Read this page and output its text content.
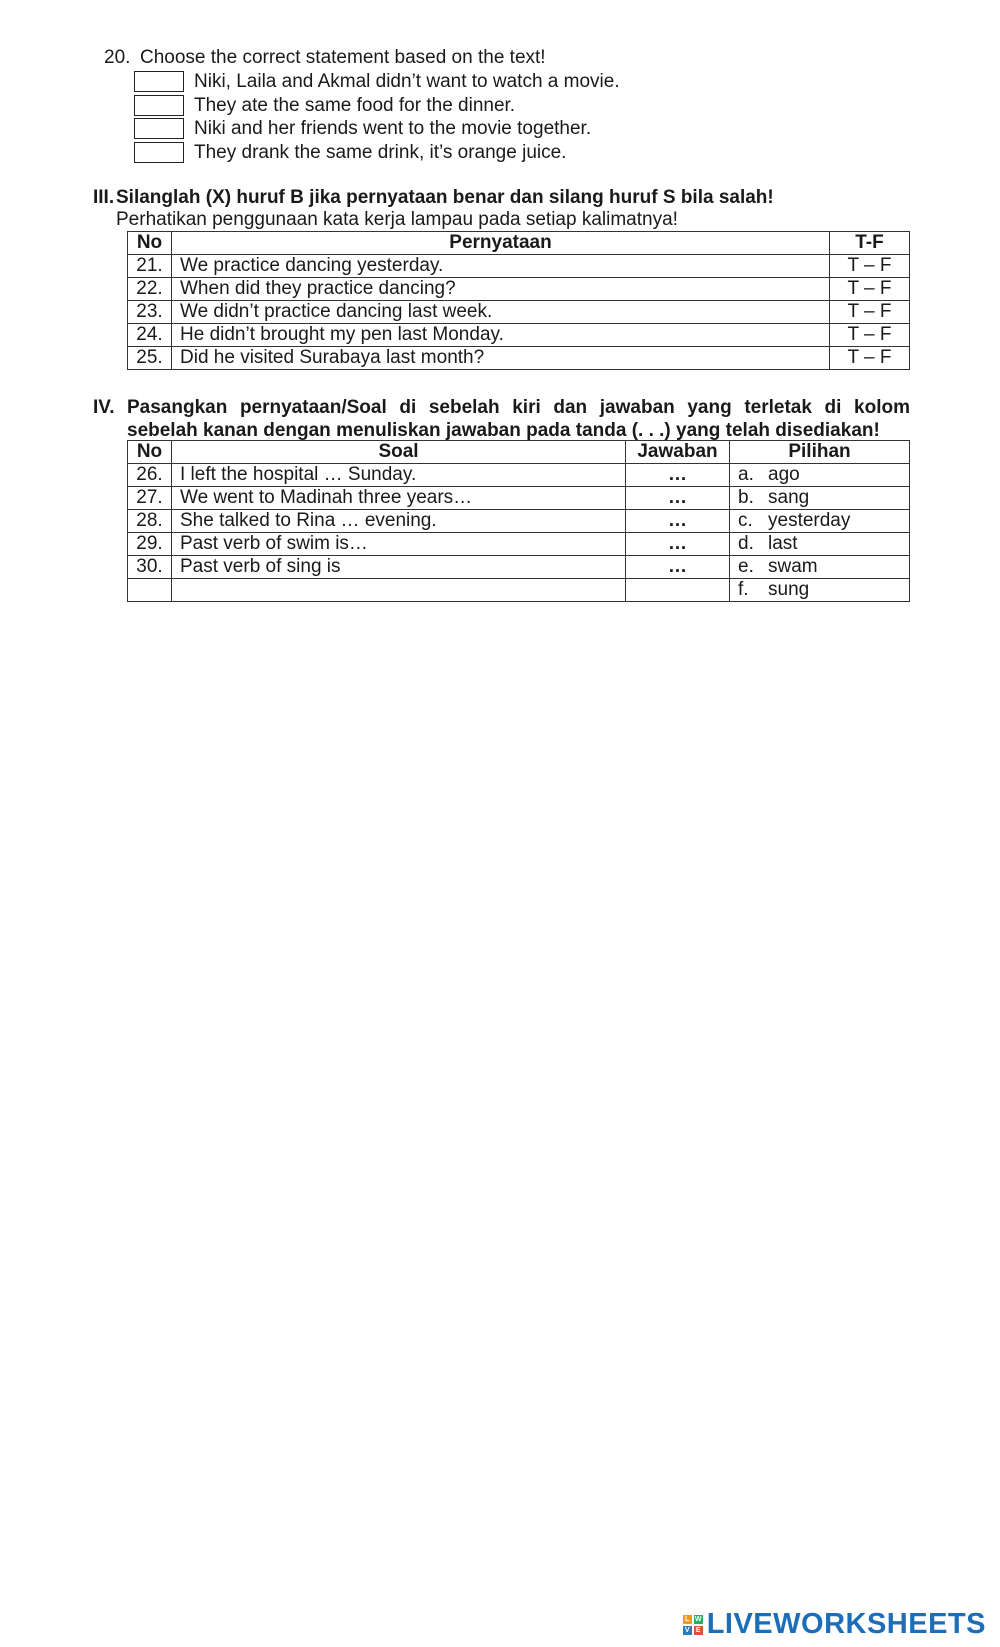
20. Choose the correct statement based on the text!
Niki, Laila and Akmal didn’t want to watch a movie.
They ate the same food for the dinner.
Niki and her friends went to the movie together.
They drank the same drink, it’s orange juice.
III.Silanglah (X) huruf B jika pernyataan benar dan silang huruf S bila salah!
Perhatikan penggunaan kata kerja lampau pada setiap kalimatnya!
No	Pernyataan	T-F
21.	We practice dancing yesterday.	T – F
22.	When did they practice dancing?	T – F
23.	We didn’t practice dancing last week.	T – F
24.	He didn’t brought my pen last Monday.	T – F
25.	Did he visited Surabaya last month?	T – F
IV. Pasangkan pernyataan/Soal di sebelah kiri dan jawaban yang terletak di kolom
sebelah kanan dengan menuliskan jawaban pada tanda (. . .) yang telah disediakan!
No	Soal	Jawaban	Pilihan
26.	I left the hospital … Sunday.	…	a. ago
27.	We went to Madinah three years…	…	b. sang
28.	She talked to Rina … evening.	…	c. yesterday
29.	Past verb of swim is…	…	d. last
30.	Past verb of sing is	…	e. swam
			f. sung
L W
V E LIVEWORKSHEETS
